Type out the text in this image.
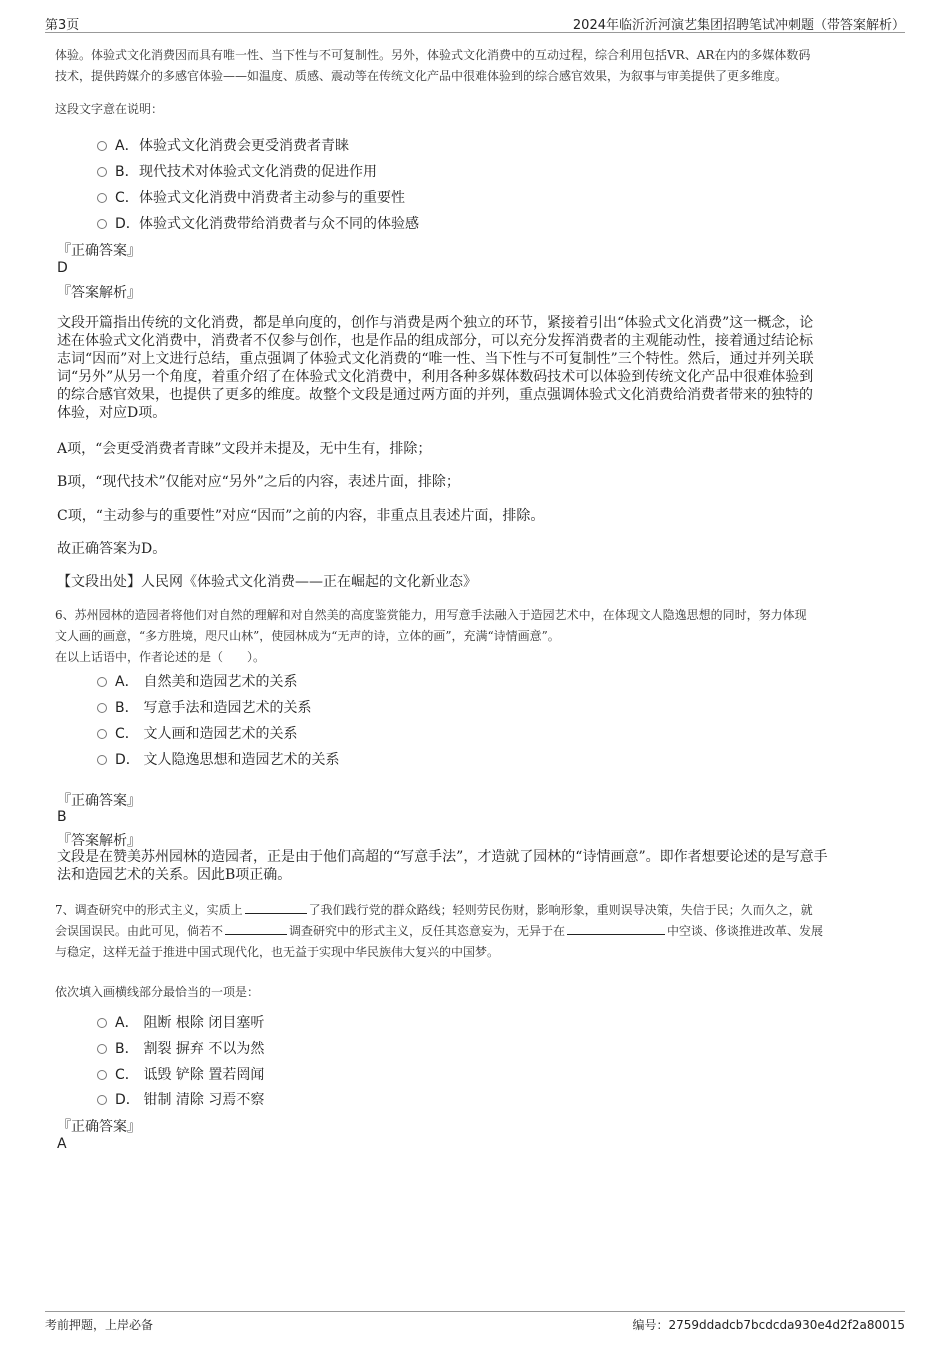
第3页	2024年临沂沂河演艺集团招聘笔试冲刺题（带答案解析）
体验。体验式文化消费因而具有唯一性、当下性与不可复制性。另外，体验式文化消费中的互动过程，综合利用包括VR、AR在内的多媒体数码
技术，提供跨媒介的多感官体验——如温度、质感、震动等在传统文化产品中很难体验到的综合感官效果，为叙事与审美提供了更多维度。
这段文字意在说明：
A．体验式文化消费会更受消费者青睐
B．现代技术对体验式文化消费的促进作用
C．体验式文化消费中消费者主动参与的重要性
D．体验式文化消费带给消费者与众不同的体验感
『正确答案』
D
『答案解析』
文段开篇指出传统的文化消费，都是单向度的，创作与消费是两个独立的环节，紧接着引出“体验式文化消费”这一概念，论
述在体验式文化消费中，消费者不仅参与创作，也是作品的组成部分，可以充分发挥消费者的主观能动性，接着通过结论标
志词“因而”对上文进行总结，重点强调了体验式文化消费的“唯一性、当下性与不可复制性”三个特性。然后，通过并列关联
词“另外”从另一个角度，着重介绍了在体验式文化消费中，利用各种多媒体数码技术可以体验到传统文化产品中很难体验到
的综合感官效果，也提供了更多的维度。故整个文段是通过两方面的并列，重点强调体验式文化消费给消费者带来的独特的
体验，对应D项。
A项，“会更受消费者青睐”文段并未提及，无中生有，排除；
B项，“现代技术”仅能对应“另外”之后的内容，表述片面，排除；
C项，“主动参与的重要性”对应“因而”之前的内容，非重点且表述片面，排除。
故正确答案为D。
【文段出处】人民网《体验式文化消费——正在崛起的文化新业态》
6、苏州园林的造园者将他们对自然的理解和对自然美的高度鉴赏能力，用写意手法融入于造园艺术中，在体现文人隐逸思想的同时，努力体现
文人画的画意，“多方胜境，咫尺山林”，使园林成为“无声的诗，立体的画”，充满“诗情画意”。
在以上话语中，作者论述的是（　　）。
A． 自然美和造园艺术的关系
B． 写意手法和造园艺术的关系
C． 文人画和造园艺术的关系
D． 文人隐逸思想和造园艺术的关系
『正确答案』
B
『答案解析』
文段是在赞美苏州园林的造园者，正是由于他们高超的“写意手法”，才造就了园林的“诗情画意”。即作者想要论述的是写意手
法和造园艺术的关系。因此B项正确。
7、调查研究中的形式主义，实质上	了我们践行党的群众路线；轻则劳民伤财，影响形象，重则误导决策，失信于民；久而久之，就
会误国误民。由此可见，倘若不	调查研究中的形式主义，反任其恣意妄为，无异于在	中空谈、侈谈推进改革、发展
与稳定，这样无益于推进中国式现代化，也无益于实现中华民族伟大复兴的中国梦。
依次填入画横线部分最恰当的一项是：
A． 阻断 根除 闭目塞听
B． 割裂 摒弃 不以为然
C． 诋毁 铲除 置若罔闻
D． 钳制 清除 习焉不察
『正确答案』
A
考前押题，上岸必备	编号：2759ddadcb7bcdcda930e4d2f2a80015
